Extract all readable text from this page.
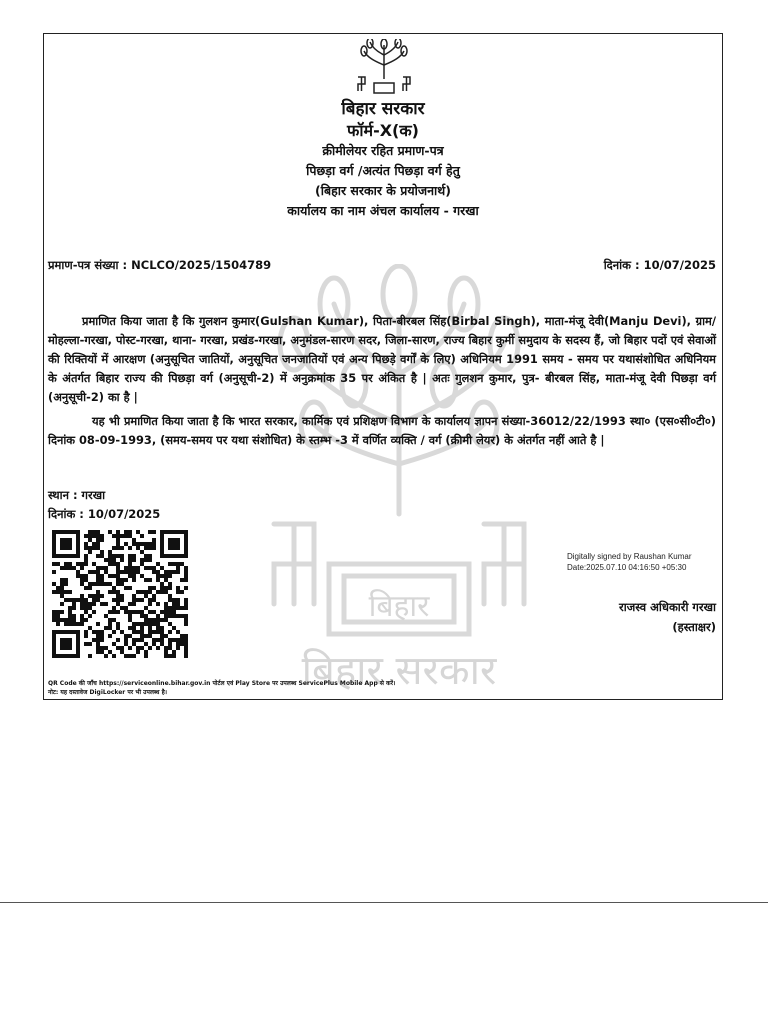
बिहार
बिहार सरकार
बिहार सरकार
फॉर्म-X(क)
क्रीमीलेयर रहित प्रमाण-पत्र
पिछड़ा वर्ग /अत्यंत पिछड़ा वर्ग हेतु
(बिहार सरकार के प्रयोजनार्थ)
कार्यालय का नाम अंचल कार्यालय - गरखा
प्रमाण-पत्र संख्या : NCLCO/2025/1504789	दिनांक : 10/07/2025

प्रमाणित किया जाता है कि गुलशन कुमार(Gulshan Kumar), पिता-बीरबल सिंह(Birbal Singh), माता-मंजू देवी(Manju Devi), ग्राम/मोहल्ला-गरखा, पोस्ट-गरखा, थाना- गरखा, प्रखंड-गरखा, अनुमंडल-सारण सदर, जिला-सारण, राज्य बिहार कुर्मी समुदाय के सदस्य हैं, जो बिहार पदों एवं सेवाओं की रिक्तियों में आरक्षण (अनुसूचित जातियों, अनुसूचित जनजातियों एवं अन्य पिछड़े वर्गों के लिए) अधिनियम 1991 समय - समय पर यथासंशोधित अधिनियम के अंतर्गत बिहार राज्य की पिछड़ा वर्ग (अनुसूची-2) में अनुक्रमांक 35 पर अंकित है | अतः गुलशन कुमार, पुत्र- बीरबल सिंह, माता-मंजू देवी पिछड़ा वर्ग (अनुसूची-2) का है |

यह भी प्रमाणित किया जाता है कि भारत सरकार, कार्मिक एवं प्रशिक्षण विभाग के कार्यालय ज्ञापन संख्या-36012/22/1993 स्था० (एस०सी०टी०) दिनांक 08-09-1993, (समय-समय पर यथा संशोधित) के स्तम्भ -3 में वर्णित व्यक्ति / वर्ग (क्रीमी लेयर) के अंतर्गत नहीं आते है |

स्थान : गरखा
दिनांक : 10/07/2025
Digitally signed by Raushan Kumar
Date:2025.07.10 04:16:50 +05:30
राजस्व अधिकारी गरखा
(हस्ताक्षर)
QR Code की जाँच https://serviceonline.bihar.gov.in पोर्टल एवं Play Store पर उपलब्ध ServicePlus Mobile App से करें।
नोट: यह दस्तावेज DigiLocker पर भी उपलब्ध है।
